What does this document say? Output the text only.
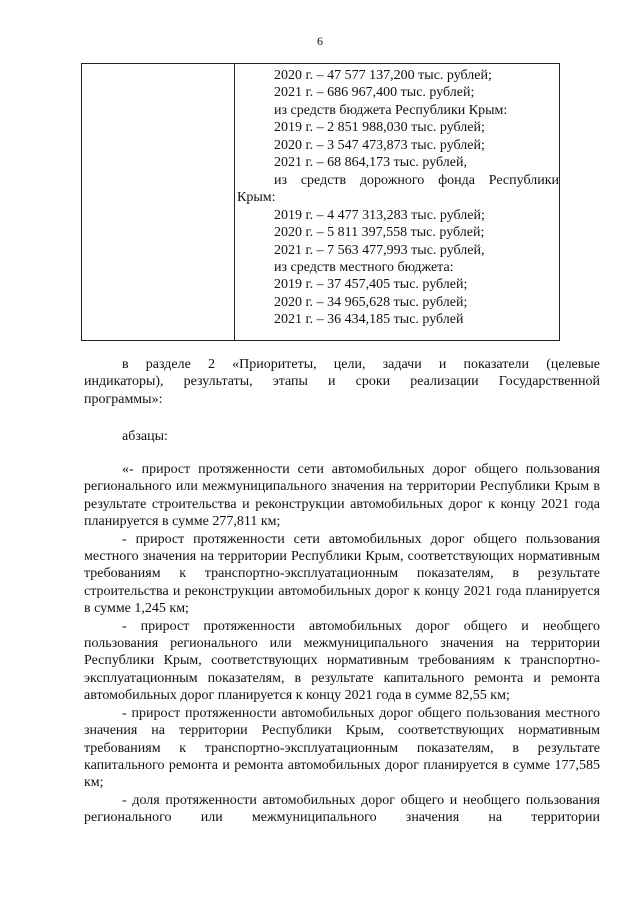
6
2020 г. – 47 577 137,200 тыс. рублей;
2021 г. – 686 967,400 тыс. рублей;
из средств бюджета Республики Крым:
2019 г. – 2 851 988,030 тыс. рублей;
2020 г. – 3 547 473,873 тыс. рублей;
2021 г. – 68 864,173 тыс. рублей,
из средств дорожного фонда Республики
Крым:
2019 г. – 4 477 313,283 тыс. рублей;
2020 г. – 5 811 397,558 тыс. рублей;
2021 г. – 7 563 477,993 тыс. рублей,
из средств местного бюджета:
2019 г. – 37 457,405 тыс. рублей;
2020 г. – 34 965,628 тыс. рублей;
2021 г. – 36 434,185 тыс. рублей

в разделе 2 «Приоритеты, цели, задачи и показатели (целевые

индикаторы), результаты, этапы и сроки реализации Государственной

программы»:

абзацы:

«- прирост протяженности сети автомобильных дорог общего пользования регионального или межмуниципального значения на территории Республики Крым в результате строительства и реконструкции автомобильных дорог к концу 2021 года планируется в сумме 277,811 км;

- прирост протяженности сети автомобильных дорог общего пользования местного значения на территории Республики Крым, соответствующих нормативным требованиям к транспортно-эксплуатационным показателям, в результате строительства и реконструкции автомобильных дорог к концу 2021 года планируется в сумме 1,245 км;

- прирост протяженности автомобильных дорог общего и необщего пользования регионального или межмуниципального значения на территории Республики Крым, соответствующих нормативным требованиям к транспортно-эксплуатационным показателям, в результате капитального ремонта и ремонта автомобильных дорог планируется к концу 2021 года в сумме 82,55 км;

- прирост протяженности автомобильных дорог общего пользования местного значения на территории Республики Крым, соответствующих нормативным требованиям к транспортно-эксплуатационным показателям, в результате капитального ремонта и ремонта автомобильных дорог планируется в сумме 177,585 км;

- доля протяженности автомобильных дорог общего и необщего пользования регионального или межмуниципального значения на территории
